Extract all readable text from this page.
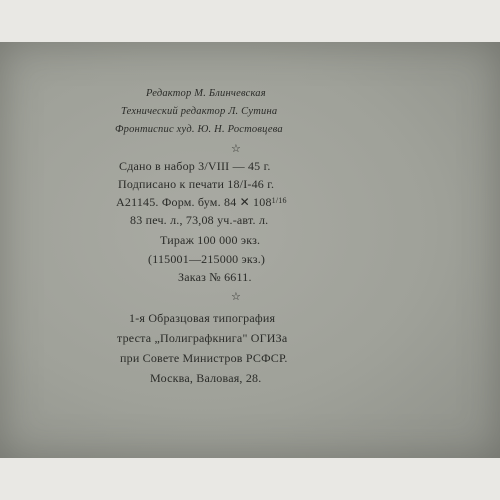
Редактор М. Блинчевская
Технический редактор Л. Сутина
Фронтиспис худ. Ю. Н. Ростовцева
☆
Сдано в набор 3/VIII — 45 г.
Подписано к печати 18/I-46 г.
А21145. Форм. бум. 84 ✕ $108^{1/16}$
83 печ. л., 73,08 уч.-авт. л.
Тираж 100 000 экз.
(115001—215000 экз.)
Заказ № 6611.
☆
1-я Образцовая типография
треста „Полиграфкнига" ОГИЗа
при Совете Министров РСФСР.
Москва, Валовая, 28.
